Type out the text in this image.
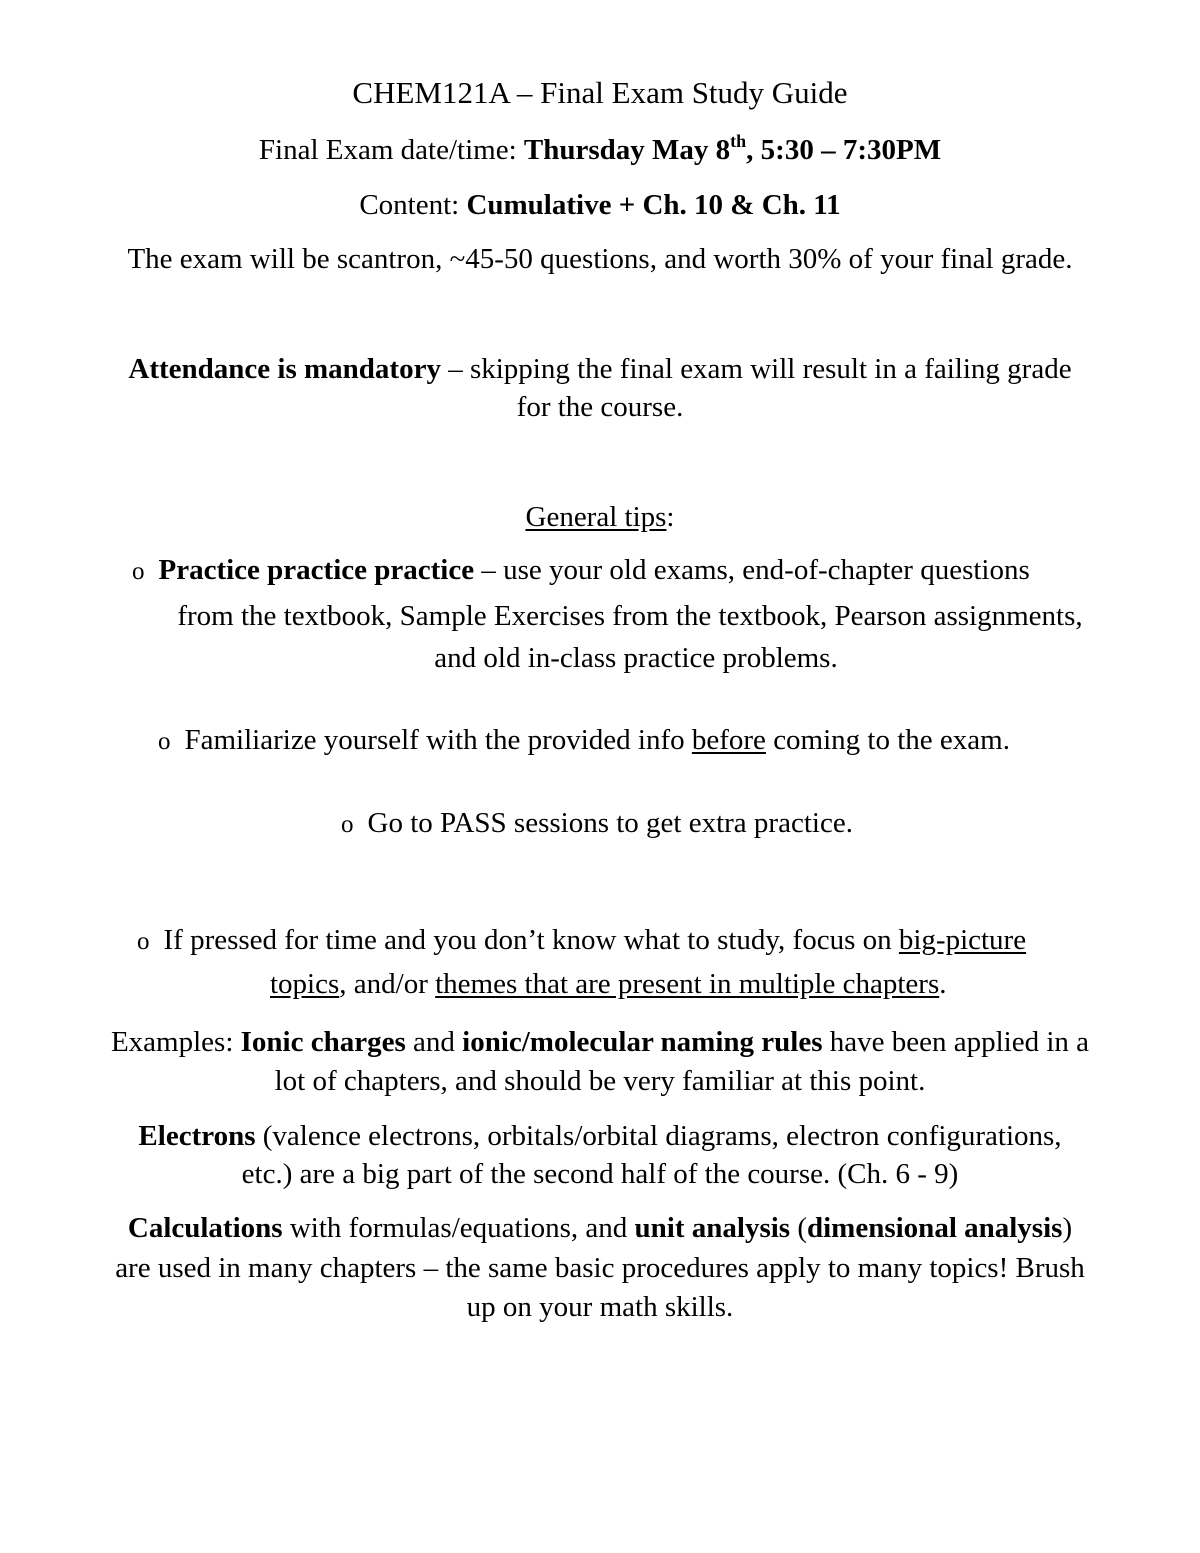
CHEM121A – Final Exam Study Guide
Final Exam date/time: Thursday May 8th, 5:30 – 7:30PM
Content: Cumulative + Ch. 10 & Ch. 11
The exam will be scantron, ~45-50 questions, and worth 30% of your final grade.
Attendance is mandatory – skipping the final exam will result in a failing grade
for the course.
General tips:
o Practice practice practice – use your old exams, end-of-chapter questions
from the textbook, Sample Exercises from the textbook, Pearson assignments,
and old in-class practice problems.
o Familiarize yourself with the provided info before coming to the exam.
o Go to PASS sessions to get extra practice.
o If pressed for time and you don’t know what to study, focus on big-picture
topics, and/or themes that are present in multiple chapters.
Examples: Ionic charges and ionic/molecular naming rules have been applied in a
lot of chapters, and should be very familiar at this point.
Electrons (valence electrons, orbitals/orbital diagrams, electron configurations,
etc.) are a big part of the second half of the course. (Ch. 6 - 9)
Calculations with formulas/equations, and unit analysis (dimensional analysis)
are used in many chapters – the same basic procedures apply to many topics! Brush
up on your math skills.
